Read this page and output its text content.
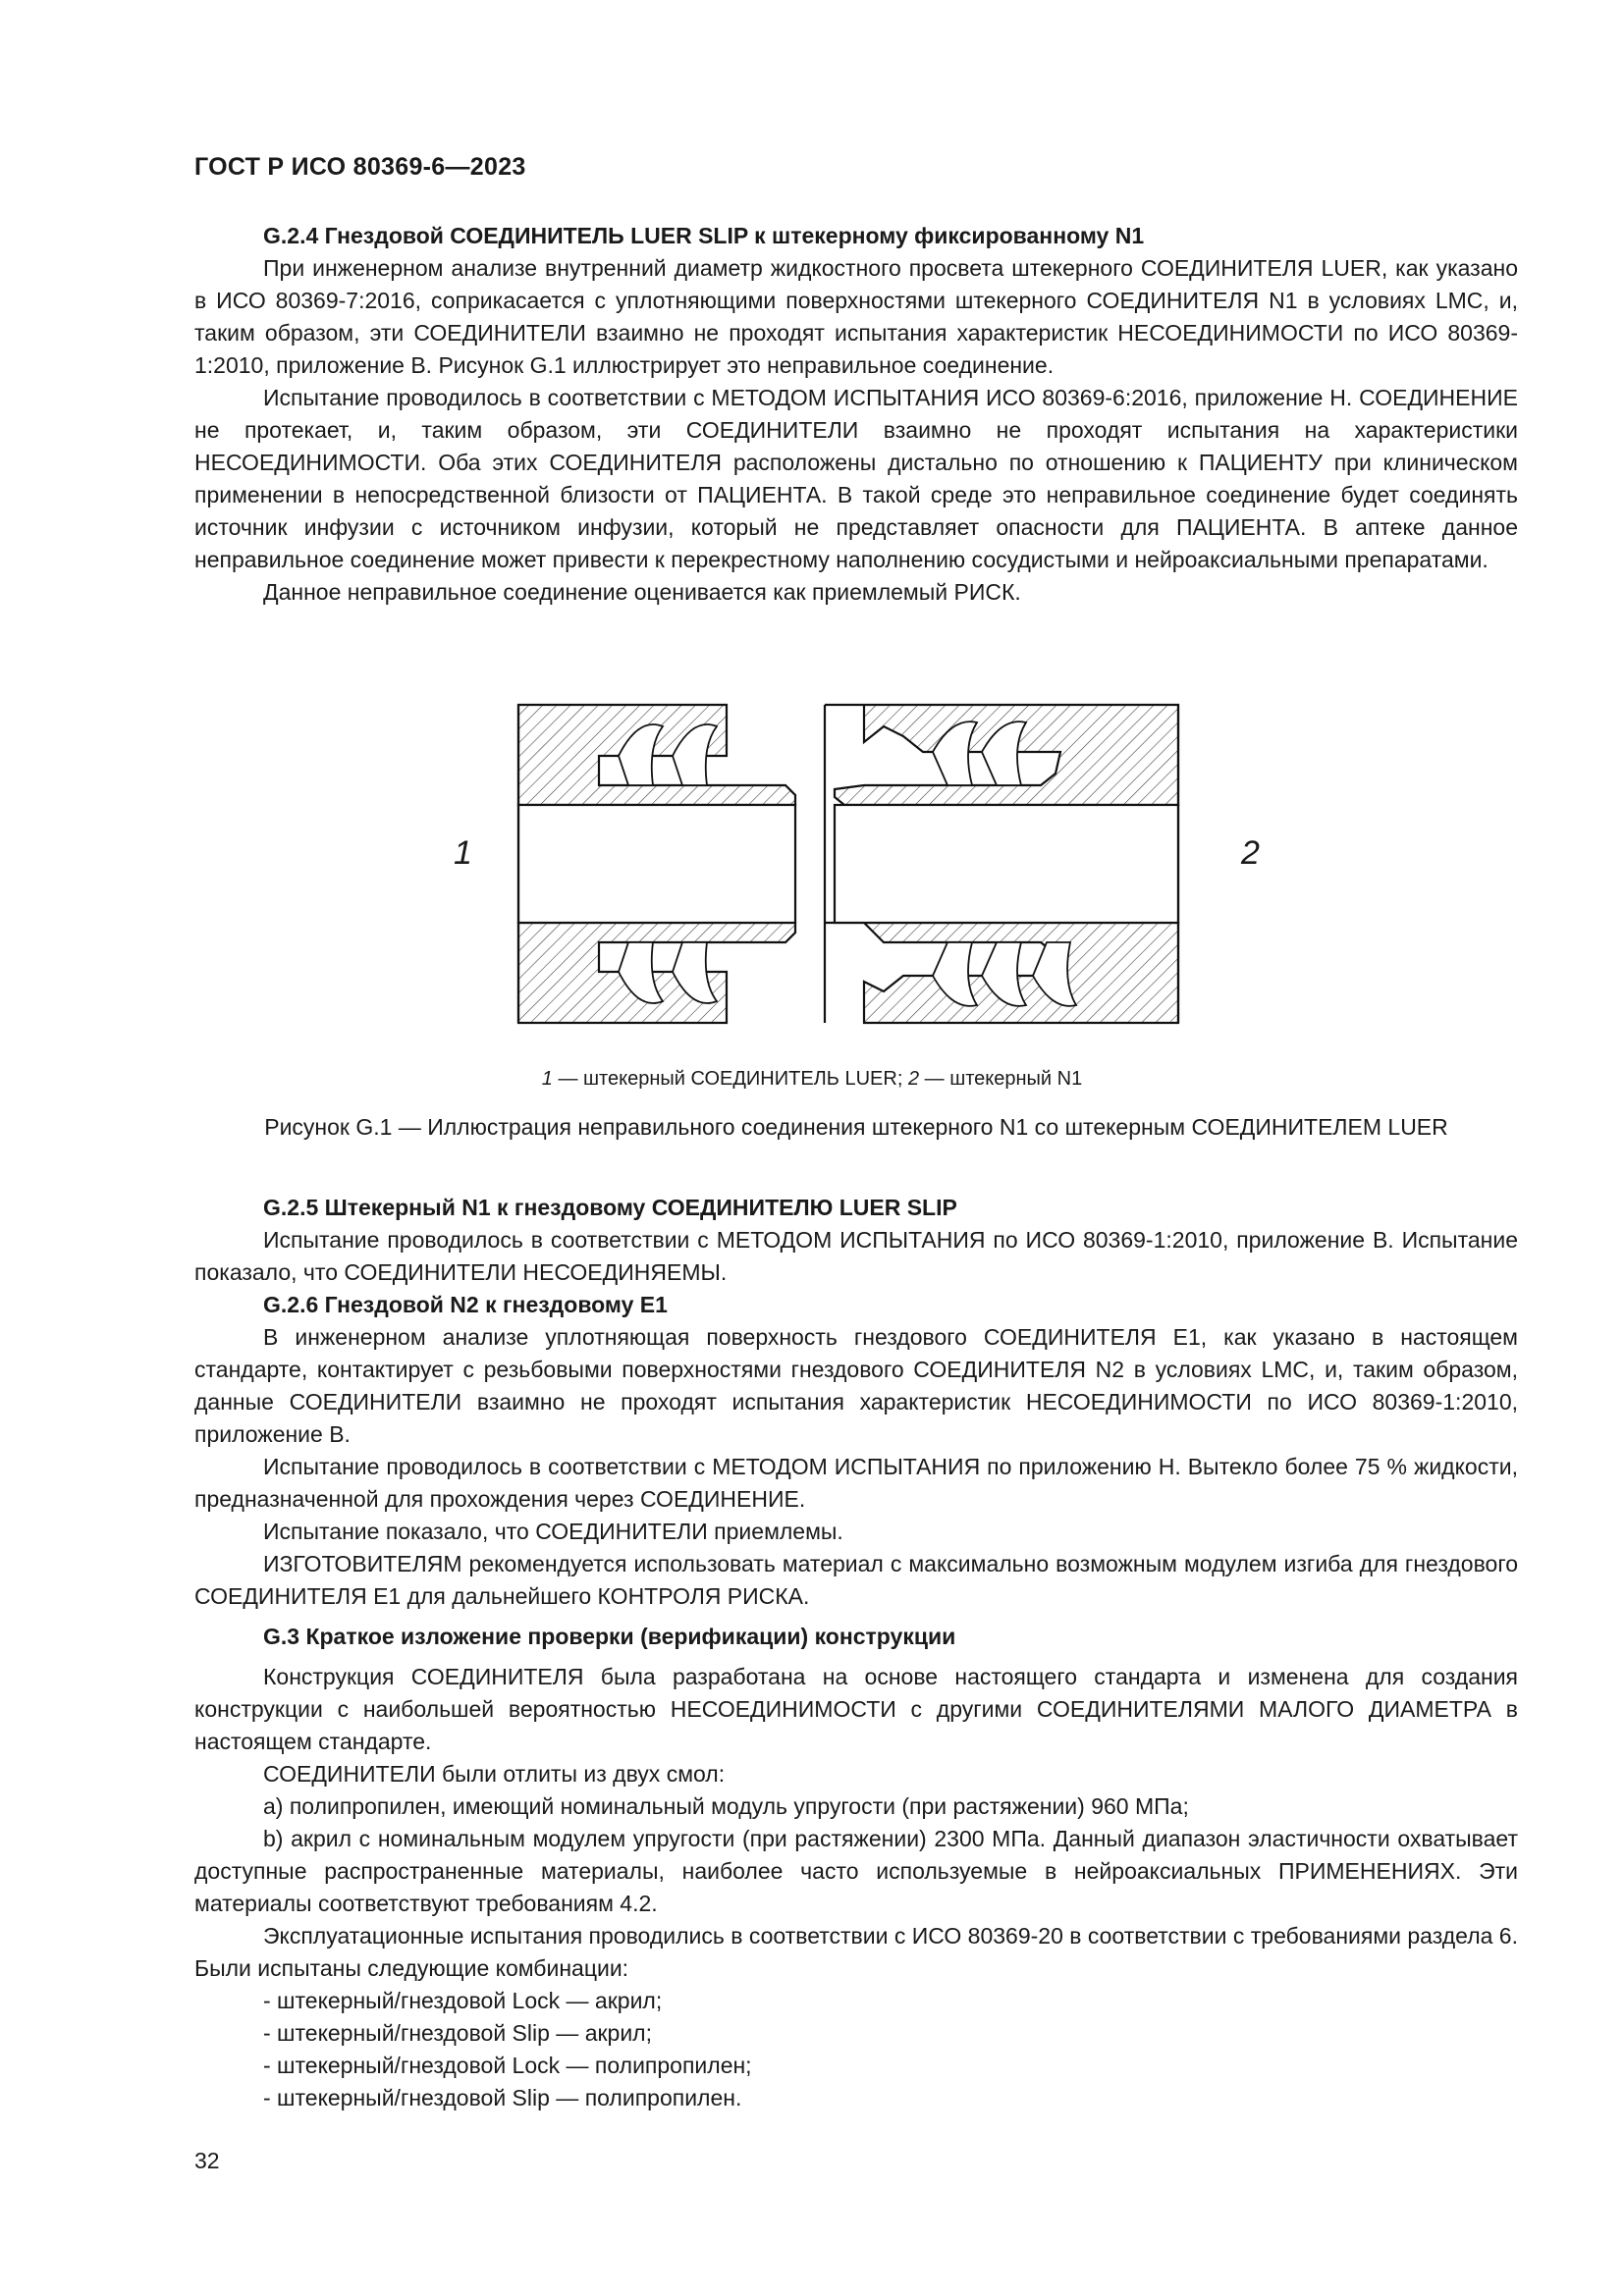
ГОСТ Р ИСО 80369-6—2023

G.2.4 Гнездовой СОЕДИНИТЕЛЬ LUER SLIP к штекерному фиксированному N1

При инженерном анализе внутренний диаметр жидкостного просвета штекерного СОЕДИНИТЕЛЯ LUER, как указано в ИСО 80369-7:2016, соприкасается с уплотняющими поверхностями штекерного СОЕДИНИТЕЛЯ N1 в условиях LMC, и, таким образом, эти СОЕДИНИТЕЛИ взаимно не проходят испытания характеристик НЕСОЕДИНИМОСТИ по ИСО 80369-1:2010, приложение В. Рисунок G.1 иллюстрирует это неправильное соединение.

Испытание проводилось в соответствии с МЕТОДОМ ИСПЫТАНИЯ ИСО 80369-6:2016, приложение Н. СОЕДИНЕНИЕ не протекает, и, таким образом, эти СОЕДИНИТЕЛИ взаимно не проходят испытания на характеристики НЕСОЕДИНИМОСТИ. Оба этих СОЕДИНИТЕЛЯ расположены дистально по отношению к ПАЦИЕНТУ при клиническом применении в непосредственной близости от ПАЦИЕНТА. В такой среде это неправильное соединение будет соединять источник инфузии с источником инфузии, который не представляет опасности для ПАЦИЕНТА. В аптеке данное неправильное соединение может привести к перекрестному наполнению сосудистыми и нейроаксиальными препаратами.

Данное неправильное соединение оценивается как приемлемый РИСК.

1	2
1 — штекерный СОЕДИНИТЕЛЬ LUER; 2 — штекерный N1
Рисунок G.1 — Иллюстрация неправильного соединения штекерного N1 со штекерным СОЕДИНИТЕЛЕМ LUER

G.2.5 Штекерный N1 к гнездовому СОЕДИНИТЕЛЮ LUER SLIP

Испытание проводилось в соответствии с МЕТОДОМ ИСПЫТАНИЯ по ИСО 80369-1:2010, приложение В. Испытание показало, что СОЕДИНИТЕЛИ НЕСОЕДИНЯЕМЫ.

G.2.6 Гнездовой N2 к гнездовому Е1

В инженерном анализе уплотняющая поверхность гнездового СОЕДИНИТЕЛЯ Е1, как указано в настоящем стандарте, контактирует с резьбовыми поверхностями гнездового СОЕДИНИТЕЛЯ N2 в условиях LMC, и, таким образом, данные СОЕДИНИТЕЛИ взаимно не проходят испытания характеристик НЕСОЕДИНИМОСТИ по ИСО 80369-1:2010, приложение В.

Испытание проводилось в соответствии с МЕТОДОМ ИСПЫТАНИЯ по приложению Н. Вытекло более 75 % жидкости, предназначенной для прохождения через СОЕДИНЕНИЕ.

Испытание показало, что СОЕДИНИТЕЛИ приемлемы.

ИЗГОТОВИТЕЛЯМ рекомендуется использовать материал с максимально возможным модулем изгиба для гнездового СОЕДИНИТЕЛЯ Е1 для дальнейшего КОНТРОЛЯ РИСКА.

G.3 Краткое изложение проверки (верификации) конструкции

Конструкция СОЕДИНИТЕЛЯ была разработана на основе настоящего стандарта и изменена для создания конструкции с наибольшей вероятностью НЕСОЕДИНИМОСТИ с другими СОЕДИНИТЕЛЯМИ МАЛОГО ДИАМЕТРА в настоящем стандарте.

СОЕДИНИТЕЛИ были отлиты из двух смол:

а) полипропилен, имеющий номинальный модуль упругости (при растяжении) 960 МПа;

b) акрил с номинальным модулем упругости (при растяжении) 2300 МПа. Данный диапазон эластичности охватывает доступные распространенные материалы, наиболее часто используемые в нейроаксиальных ПРИМЕНЕНИЯХ. Эти материалы соответствуют требованиям 4.2.

Эксплуатационные испытания проводились в соответствии с ИСО 80369-20 в соответствии с требованиями раздела 6. Были испытаны следующие комбинации:

- штекерный/гнездовой Lock — акрил;

- штекерный/гнездовой Slip — акрил;

- штекерный/гнездовой Lock — полипропилен;

- штекерный/гнездовой Slip — полипропилен.

32
